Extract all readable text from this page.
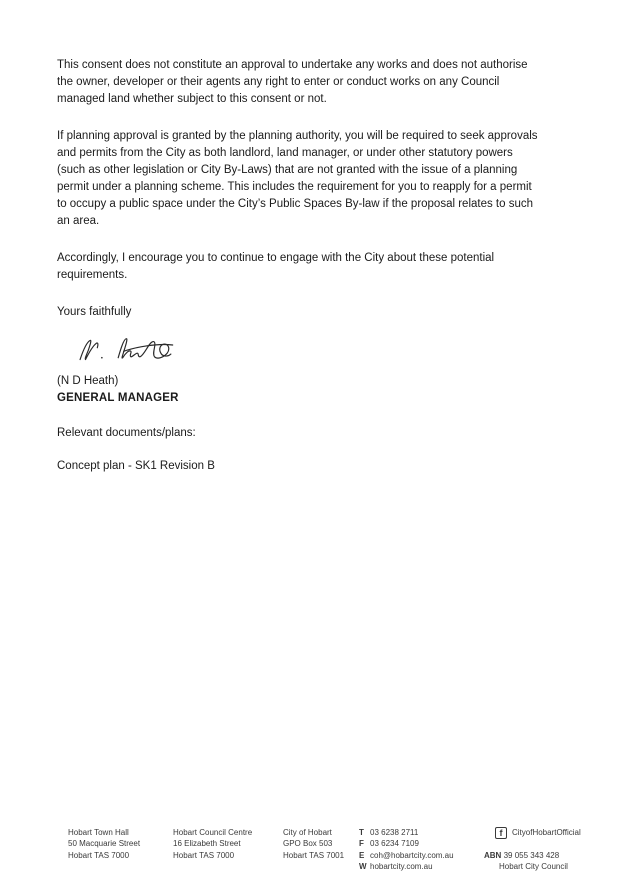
This consent does not constitute an approval to undertake any works and does not authorise
the owner, developer or their agents any right to enter or conduct works on any Council
managed land whether subject to this consent or not.

If planning approval is granted by the planning authority, you will be required to seek approvals
and permits from the City as both landlord, land manager, or under other statutory powers
(such as other legislation or City By-Laws) that are not granted with the issue of a planning
permit under a planning scheme. This includes the requirement for you to reapply for a permit
to occupy a public space under the City’s Public Spaces By-law if the proposal relates to such
an area.

Accordingly, I encourage you to continue to engage with the City about these potential
requirements.

Yours faithfully

(N D Heath)
GENERAL MANAGER
Relevant documents/plans:
Concept plan - SK1 Revision B
Hobart Town Hall
50 Macquarie Street
Hobart TAS 7000
Hobart Council Centre
16 Elizabeth Street
Hobart TAS 7000
City of Hobart
GPO Box 503
Hobart TAS 7001
T 03 6238 2711
F 03 6234 7109
E coh@hobartcity.com.au
W hobartcity.com.au
f	CityofHobartOfficial
ABN 39 055 343 428
Hobart City Council
